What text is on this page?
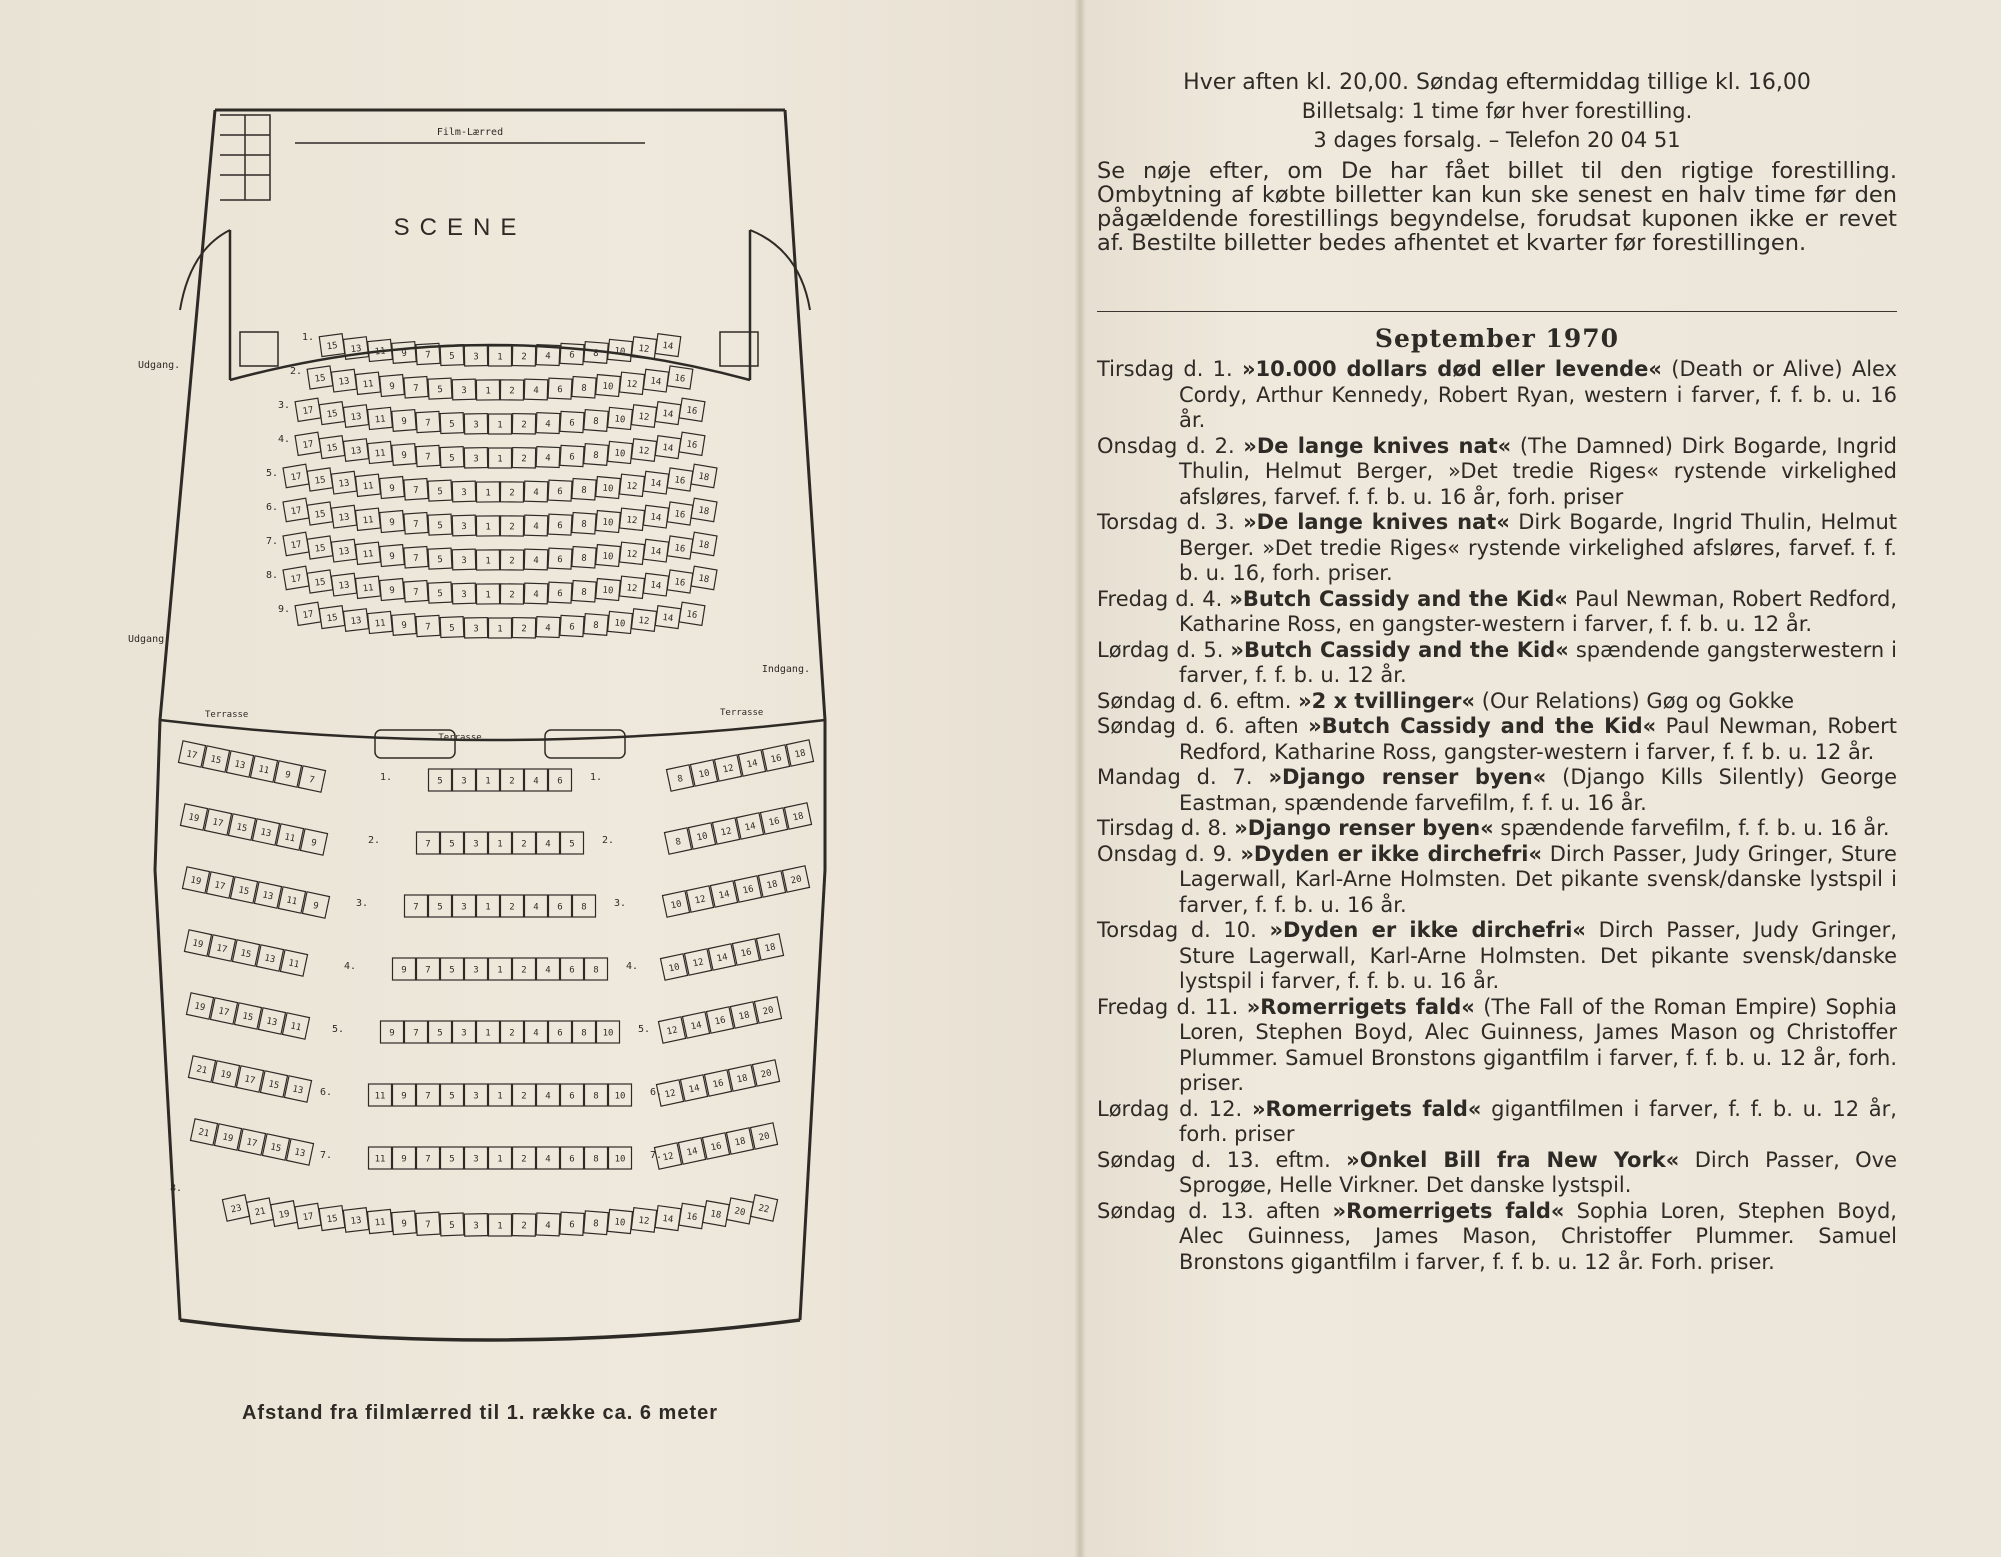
Film-Lærred
SCENE
Udgang.
Udgang.
Indgang.
Terrasse
Terrasse
Terrasse
15 13 11 9 7 5 3 1 2 4 6 8 10 12 14
1.
15 13 11 9 7 5 3 1 2 4 6 8 10 12 14 16
2.
17 15 13 11 9 7 5 3 1 2 4 6 8 10 12 14 16
3.
17 15 13 11 9 7 5 3 1 2 4 6 8 10 12 14 16
4.
17 15 13 11 9 7 5 3 1 2 4 6 8 10 12 14 16 18
5.
17 15 13 11 9 7 5 3 1 2 4 6 8 10 12 14 16 18
6.
17 15 13 11 9 7 5 3 1 2 4 6 8 10 12 14 16 18
7.
17 15 13 11 9 7 5 3 1 2 4 6 8 10 12 14 16 18
8.
17 15 13 11 9 7 5 3 1 2 4 6 8 10 12 14 16
9.
17 15 13 11 9 7	5 3 1 2 4 6	8 10 12 14 16 18
1.	1.
19 17 15 13 11 9	7 5 3 1 2 4 5	8 10 12 14 16 18
2.	2.
19 17 15 13 11 9	7 5 3 1 2 4 6 8	10 12 14 16 18 20
3.	3.
19 17 15 13 11
9 7 5 3 1 2 4 6 8	10 12 14 16 18
4.	4.
19 17 15 13 11
9 7 5 3 1 2 4 6 8 10	12 14 16 18 20
5.	5.
21 19 17 15 13
11 9 7 5 3 1 2 4 6 8 10	12 14 16 18 20
6.	6.
21 19 17 15 13
11 9 7 5 3 1 2 4 6 8 10	12 14 16 18 20
7.	7.
23 21 19 17 15 13 11 9 7 5 3 1 2 4 6 8 10 12 14 16 18 20 22
8.
Afstand fra filmlærred til 1. række ca. 6 meter

Hver aften kl. 20,00. Søndag eftermiddag tillige kl. 16,00

Billetsalg: 1 time før hver forestilling.

3 dages forsalg. – Telefon 20 04 51

Se nøje efter, om De har fået billet til den rigtige forestilling. Ombytning af købte billetter kan kun ske senest en halv time før den pågældende forestillings begyndelse, forudsat kuponen ikke er revet af. Bestilte billetter bedes afhentet et kvarter før forestillingen.

September 1970
Tirsdag d. 1. »10.000 dollars død eller levende« (Death or Alive) Alex Cordy, Arthur Kennedy, Robert Ryan, western i farver, f. f. b. u. 16 år.
Onsdag d. 2. »De lange knives nat« (The Damned) Dirk Bogarde, Ingrid Thulin, Helmut Berger, »Det tredie Riges« rystende virkelighed afsløres, farvef. f. f. b. u. 16 år, forh. priser
Torsdag d. 3. »De lange knives nat« Dirk Bogarde, Ingrid Thulin, Helmut Berger. »Det tredie Riges« rystende virkelighed afsløres, farvef. f. f. b. u. 16, forh. priser.
Fredag d. 4. »Butch Cassidy and the Kid« Paul Newman, Robert Redford, Katharine Ross, en gangster-western i farver, f. f. b. u. 12 år.
Lørdag d. 5. »Butch Cassidy and the Kid« spændende gangsterwestern i farver, f. f. b. u. 12 år.
Søndag d. 6. eftm. »2 x tvillinger« (Our Relations) Gøg og Gokke
Søndag d. 6. aften »Butch Cassidy and the Kid« Paul Newman, Robert Redford, Katharine Ross, gangster-western i farver, f. f. b. u. 12 år.
Mandag d. 7. »Django renser byen« (Django Kills Silently) George Eastman, spændende farvefilm, f. f. u. 16 år.
Tirsdag d. 8. »Django renser byen« spændende farvefilm, f. f. b. u. 16 år.
Onsdag d. 9. »Dyden er ikke dirchefri« Dirch Passer, Judy Gringer, Sture Lagerwall, Karl-Arne Holmsten. Det pikante svensk/danske lystspil i farver, f. f. b. u. 16 år.
Torsdag d. 10. »Dyden er ikke dirchefri« Dirch Passer, Judy Gringer, Sture Lagerwall, Karl-Arne Holmsten. Det pikante svensk/danske lystspil i farver, f. f. b. u. 16 år.
Fredag d. 11. »Romerrigets fald« (The Fall of the Roman Empire) Sophia Loren, Stephen Boyd, Alec Guinness, James Mason og Christoffer Plummer. Samuel Bronstons gigantfilm i farver, f. f. b. u. 12 år, forh. priser.
Lørdag d. 12. »Romerrigets fald« gigantfilmen i farver, f. f. b. u. 12 år, forh. priser
Søndag d. 13. eftm. »Onkel Bill fra New York« Dirch Passer, Ove Sprogøe, Helle Virkner. Det danske lystspil.
Søndag d. 13. aften »Romerrigets fald« Sophia Loren, Stephen Boyd, Alec Guinness, James Mason, Christoffer Plummer. Samuel Bronstons gigantfilm i farver, f. f. b. u. 12 år. Forh. priser.
